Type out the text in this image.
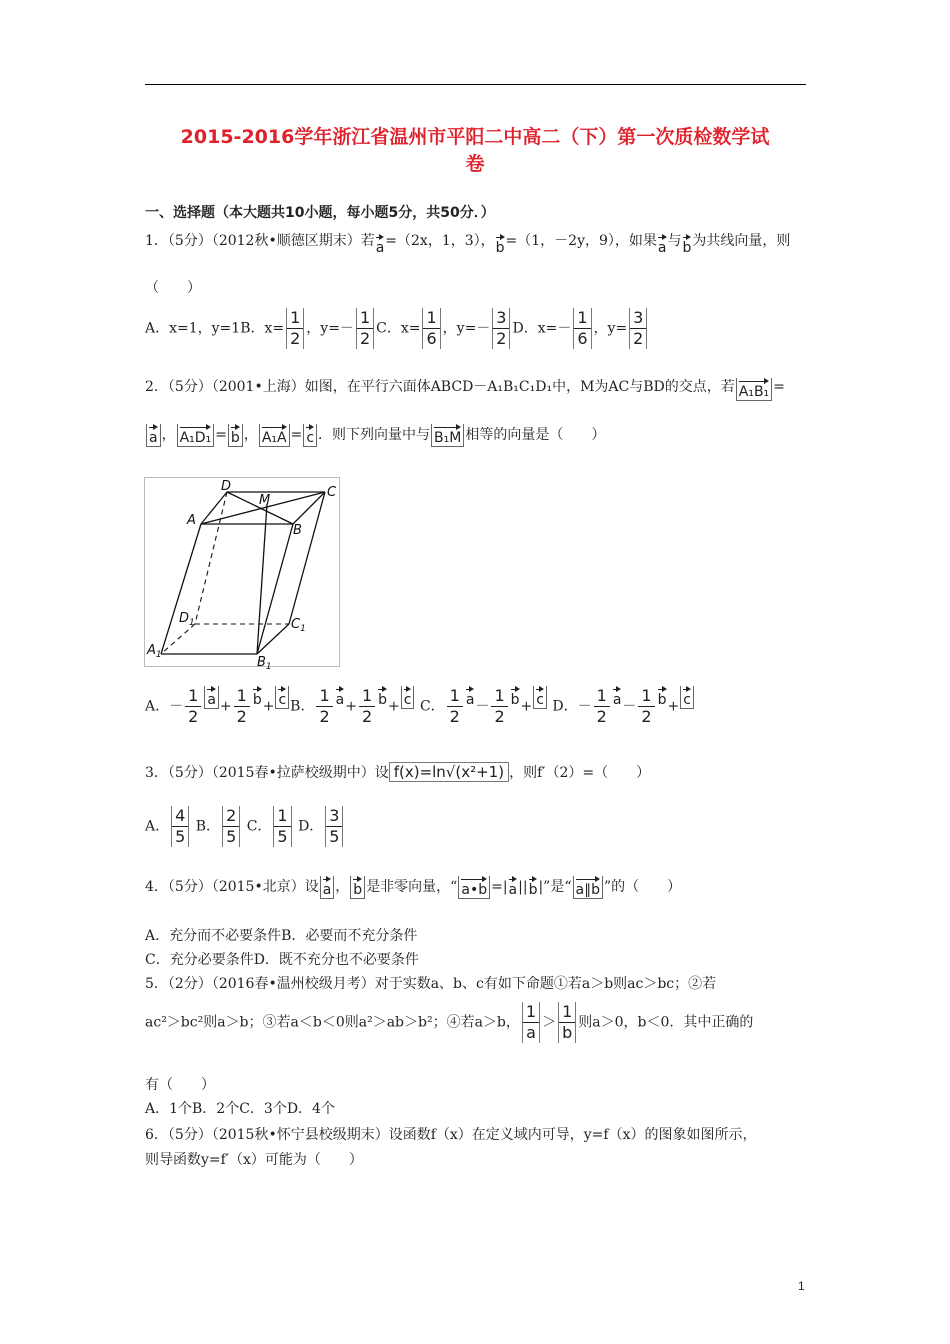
2015-2016学年浙江省温州市平阳二中高二（下）第一次质检数学试
卷
一、选择题（本大题共10小题，每小题5分，共50分．）
1．（5分）（2012秋•顺德区期末）若 a =（2x，1，3）， b =（1，－2y，9），如果 a 与 b 为共线向量，则
（　　）
A．x=1，y=1B．$x= \frac{1}{2}$ ，$y=- \frac{1}{2}$ C．$x= \frac{1}{6}$ ，$y=- \frac{3}{2}$ D．$x=- \frac{1}{6}$ ，$y= \frac{3}{2}$
2．（5分）（2001•上海）如图，在平行六面体ABCD－A₁B₁C₁D₁中，M为AC与BD的交点，若 A₁B₁ =
a ， A₁D₁ = b ， A₁A = c ．则下列向量中与 B₁M 相等的向量是（　　）
D
M
C
A
B
$D_1$	$C_1$
$A_1$	$B_1$
A．－ $\frac{1}{2}$ $a + \frac{1}{2}$ b + c B． $\frac{1}{2}$ $a + \frac{1}{2}$ b + c C． $\frac{1}{2}$ $a - \frac{1}{2}$ b + c D．－ $\frac{1}{2}$ $a - \frac{1}{2}$ b + c
3．（5分）（2015春•拉萨校级期中）设 f(x)=ln√(x²+1) ，则f′（2）=（　　）
A． $\frac{4}{5}$ B． $\frac{2}{5}$ C． $\frac{1}{5}$ D． $\frac{3}{5}$
4．（5分）（2015•北京）设 a ， b 是非零向量，“ a•b =| a || b |”是“ a∥b ”的（　　）
A．充分而不必要条件B．必要而不充分条件
C．充分必要条件D．既不充分也不必要条件
5．（2分）（2016春•温州校级月考）对于实数a、b、c有如下命题①若a＞b则ac＞bc；②若
ac²＞bc²则a＞b；③若a＜b＜0则a²＞ab＞b²；④若a＞b， $\frac{1}{a} > \frac{1}{b}$ 则a＞0，b＜0．其中正确的
有（　　）
A．1个B．2个C．3个D．4个
6．（5分）（2015秋•怀宁县校级期末）设函数f（x）在定义域内可导，y=f（x）的图象如图所示，
则导函数y=f′（x）可能为（　　）
1
